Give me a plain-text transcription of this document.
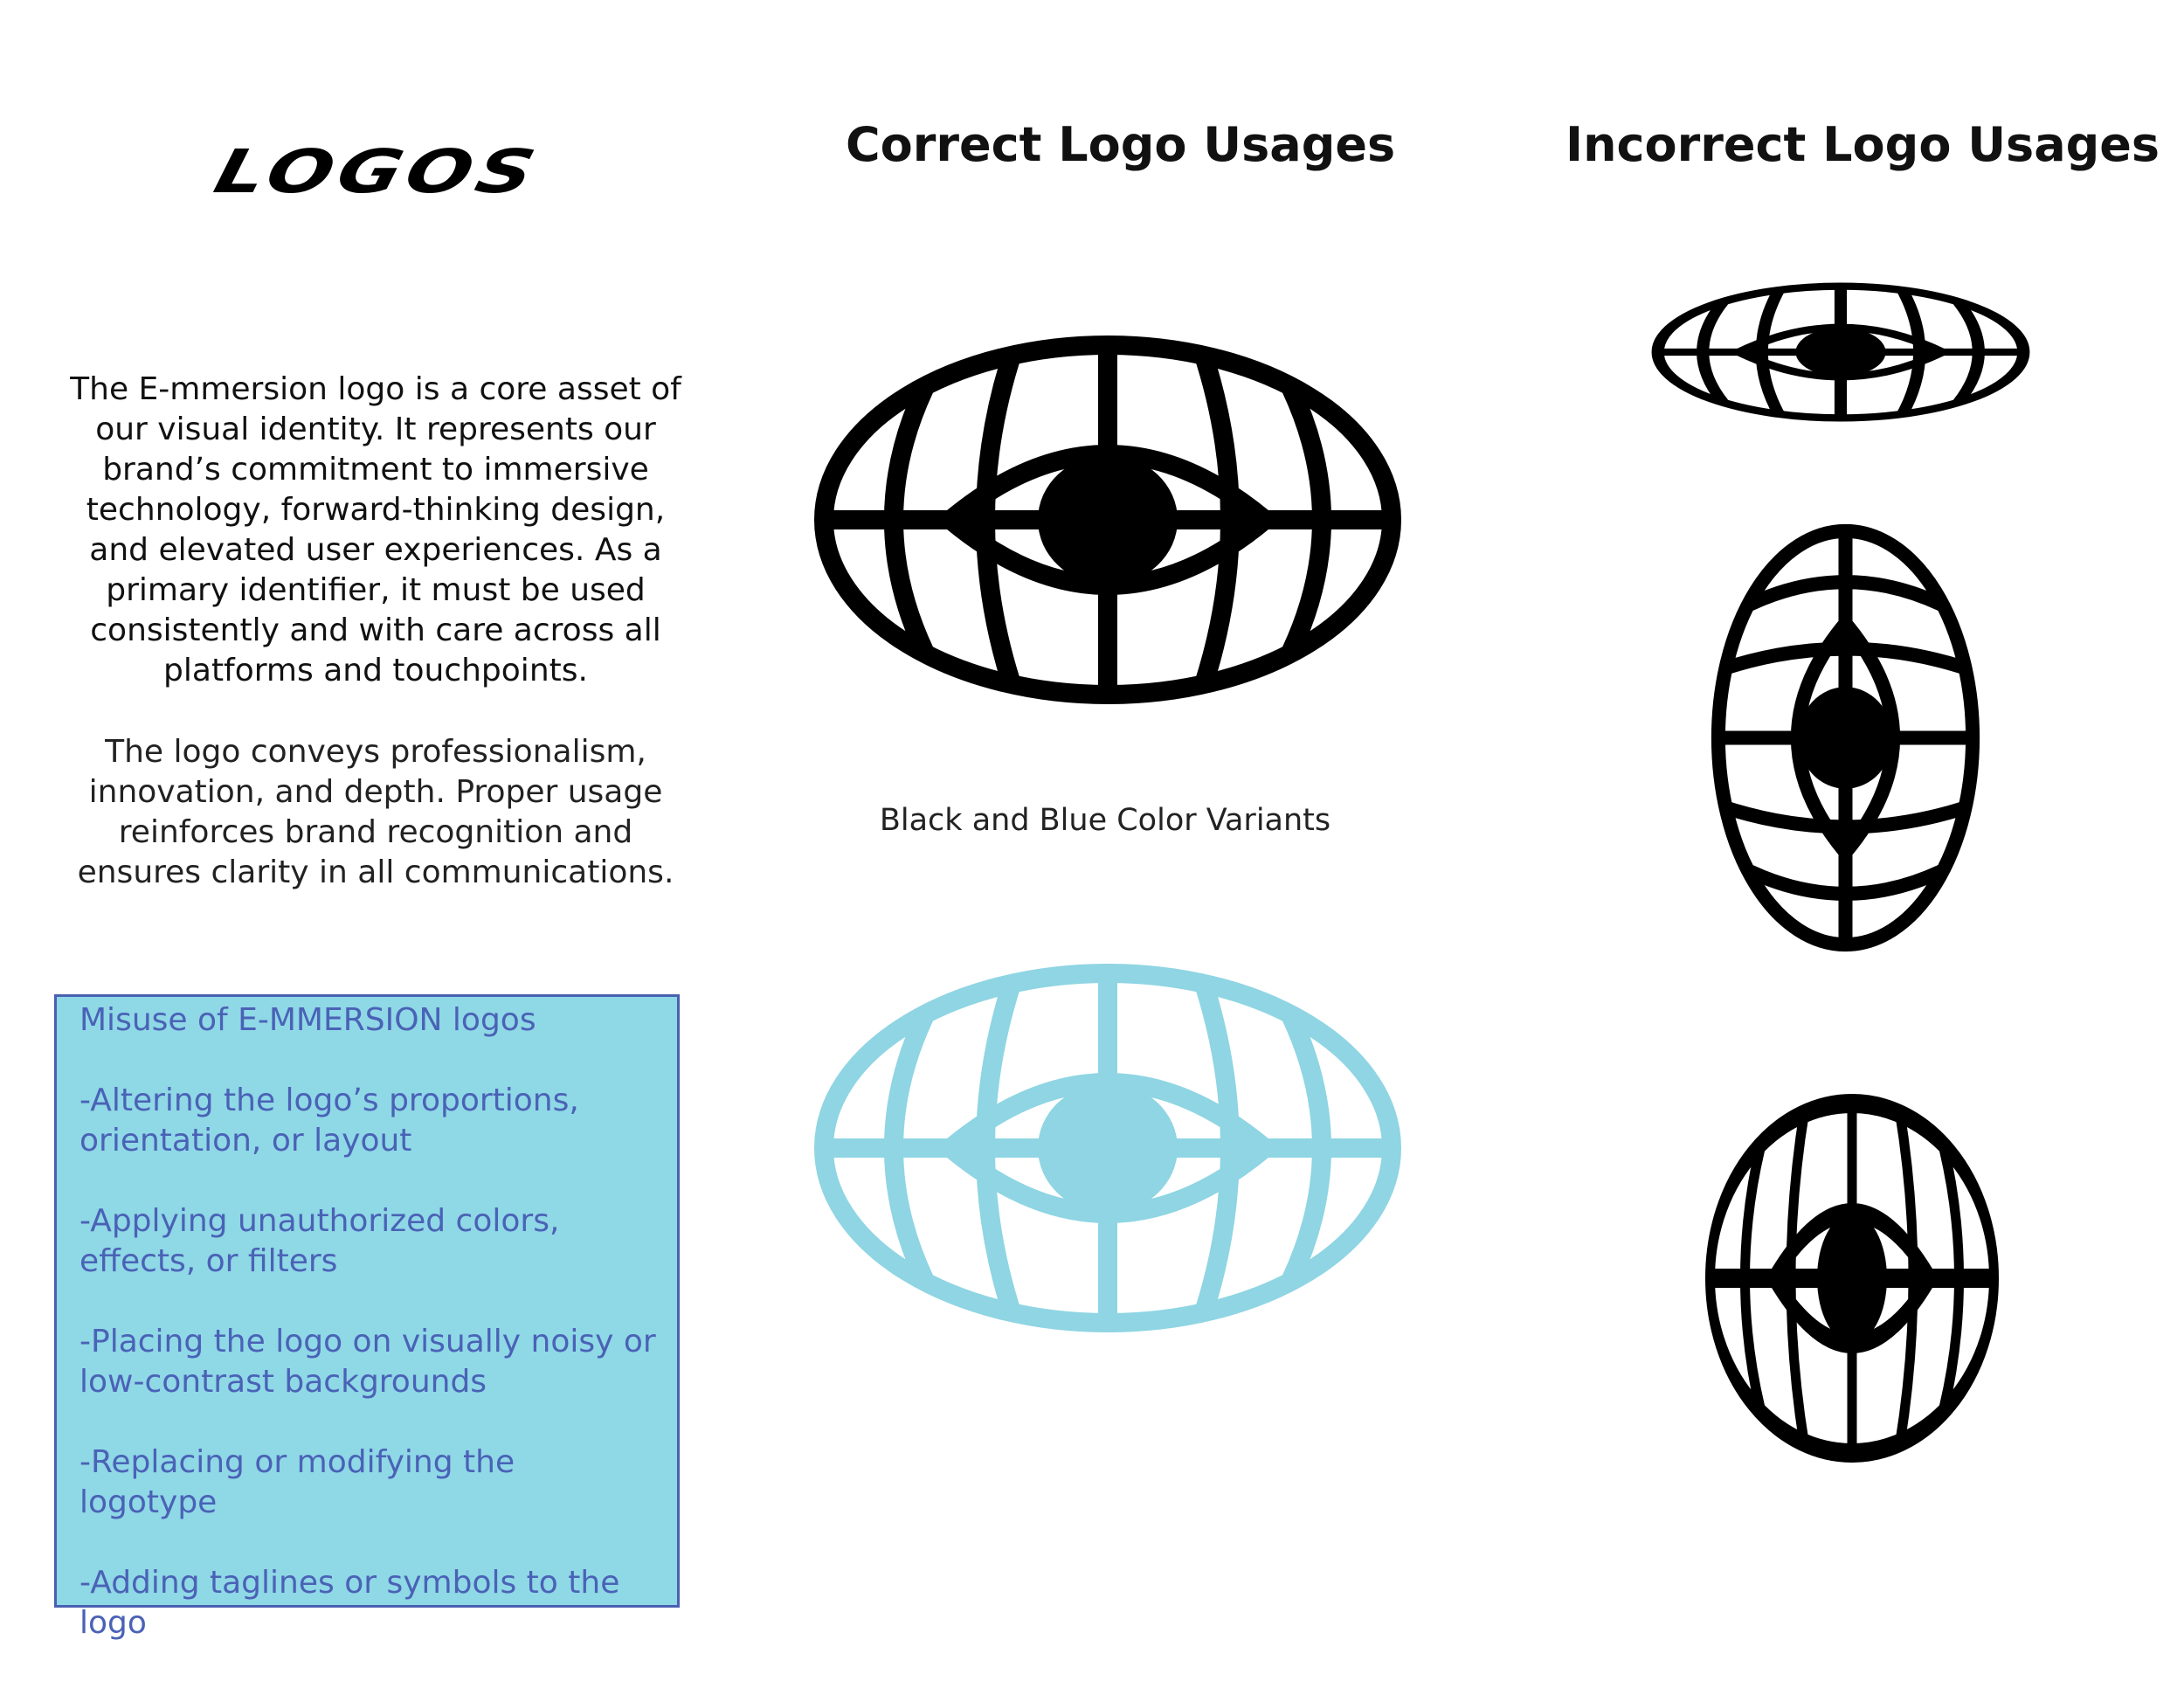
LOGOS	Correct Logo Usages	Incorrect Logo Usages

The E-mmersion logo is a core asset of our visual identity. It represents our brand’s commitment to immersive technology, forward-thinking design, and elevated user experiences. As a primary identifier, it must be used consistently and with care across all platforms and touchpoints.

The logo conveys professionalism, innovation, and depth. Proper usage reinforces brand recognition and ensures clarity in all communications.

Misuse of E-MMERSION logos
-Altering the logo’s proportions, orientation, or layout
-Applying unauthorized colors, effects, or filters
-Placing the logo on visually noisy or low-contrast backgrounds
-Replacing or modifying the logotype
-Adding taglines or symbols to the logo
Black and Blue Color Variants
